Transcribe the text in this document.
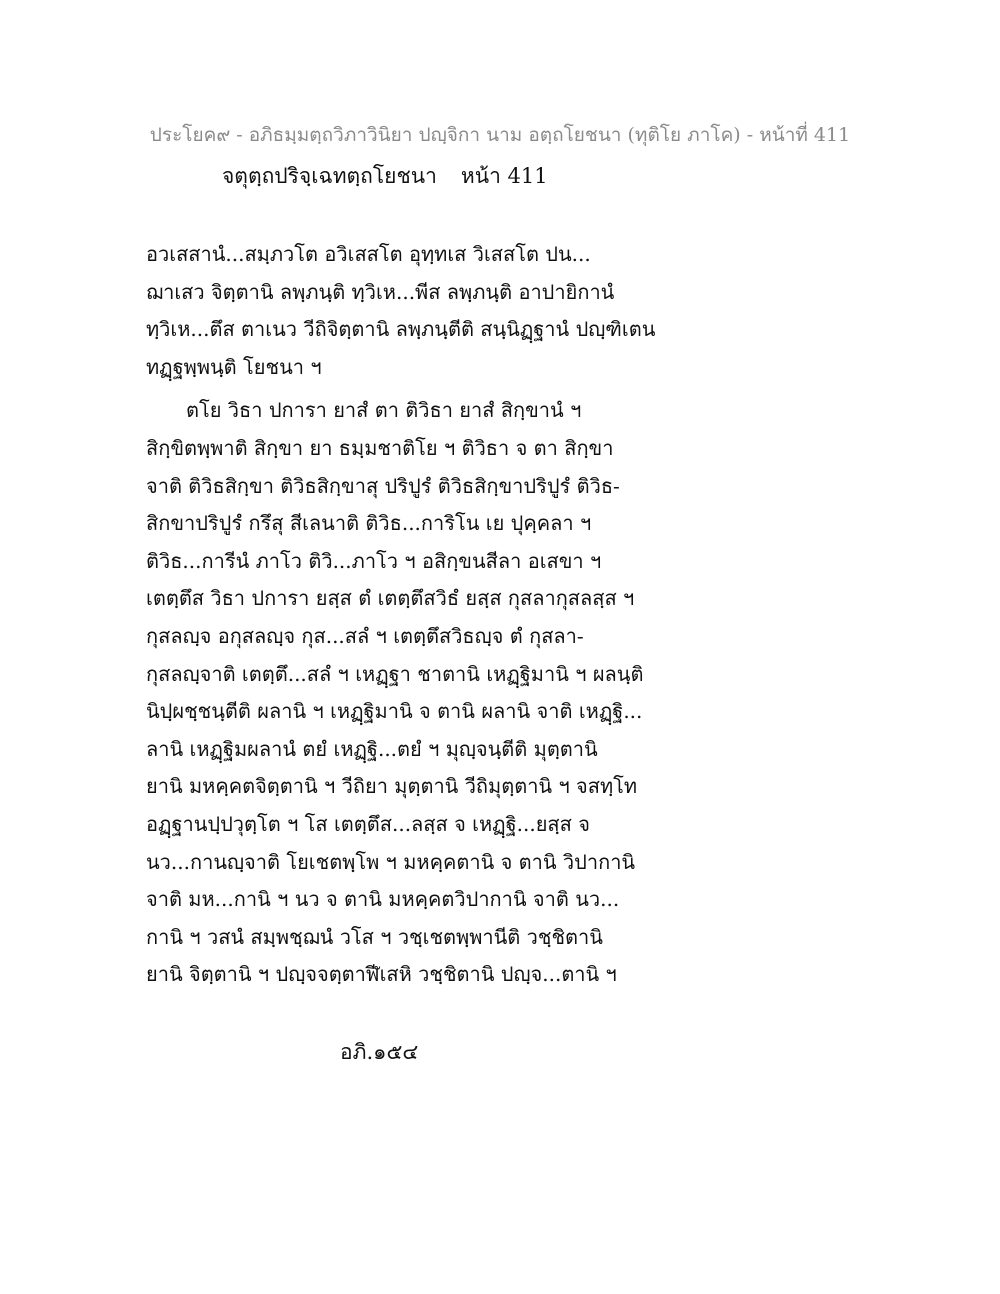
ประโยค๙ - อภิธมฺมตฺถวิภาวินิยา ปญฺจิกา นาม อตฺถโยชนา (ทุติโย ภาโค) - หน้าที่ 411
จตุตฺถปริจฺเฉทตฺถโยชนา หน้า 411
อวเสสานํ...สมฺภวโต อวิเสสโต อุทฺทเส วิเสสโต ปน...
ฌาเสว จิตฺตานิ ลพฺภนฺติ ทฺวิเห...พีส ลพฺภนฺติ อาปายิกานํ
ทฺวิเห...ตึส ตาเนว วีถิจิตฺตานิ ลพฺภนฺตีติ สนฺนิฏฺฐานํ ปญฺฑิเตน
ทฏฺฐพฺพนฺติ โยชนา ฯ
ตโย วิธา ปการา ยาสํ ตา ติวิธา ยาสํ สิกฺขานํ ฯ
สิกฺขิตพฺพาติ สิกฺขา ยา ธมฺมชาติโย ฯ ติวิธา จ ตา สิกฺขา
จาติ ติวิธสิกฺขา ติวิธสิกฺขาสุ ปริปูรํ ติวิธสิกฺขาปริปูรํ ติวิธ-
สิกขาปริปูรํ กรึสุ สีเลนาติ ติวิธ...การิโน เย ปุคฺคลา ฯ
ติวิธ...การีนํ ภาโว ติวิ...ภาโว ฯ อสิกฺขนสีลา อเสขา ฯ
เตตฺตึส วิธา ปการา ยสฺส ตํ เตตฺตึสวิธํ ยสฺส กุสลากุสลสฺส ฯ
กุสลญฺจ อกุสลญฺจ กุส...สลํ ฯ เตตฺตึสวิธญฺจ ตํ กุสลา-
กุสลญฺจาติ เตตฺตึ...สลํ ฯ เหฏฺฐา ชาตานิ เหฏฺฐิมานิ ฯ ผลนฺติ
นิปฺผชฺชนฺตีติ ผลานิ ฯ เหฏฺฐิมานิ จ ตานิ ผลานิ จาติ เหฏฺฐิ...
ลานิ เหฏฺฐิมผลานํ ตยํ เหฏฺฐิ...ตยํ ฯ มุญฺจนฺตีติ มุตฺตานิ
ยานิ มหคฺคตจิตฺตานิ ฯ วีถิยา มุตฺตานิ วีถิมุตฺตานิ ฯ จสทฺโท
อฏฺฐานปฺปวุตฺโต ฯ โส เตตฺตึส...ลสฺส จ เหฏฺฐิ...ยสฺส จ
นว...กานญฺจาติ โยเชตพฺโพ ฯ มหคฺคตานิ จ ตานิ วิปากานิ
จาติ มห...กานิ ฯ นว จ ตานิ มหคฺคตวิปากานิ จาติ นว...
กานิ ฯ วสนํ สมฺพชฺฌนํ วโส ฯ วชฺเชตพฺพานีติ วชฺชิตานิ
ยานิ จิตฺตานิ ฯ ปญฺจจตฺตาฬีเสหิ วชฺชิตานิ ปญฺจ...ตานิ ฯ
อภิ.๑๕๔
